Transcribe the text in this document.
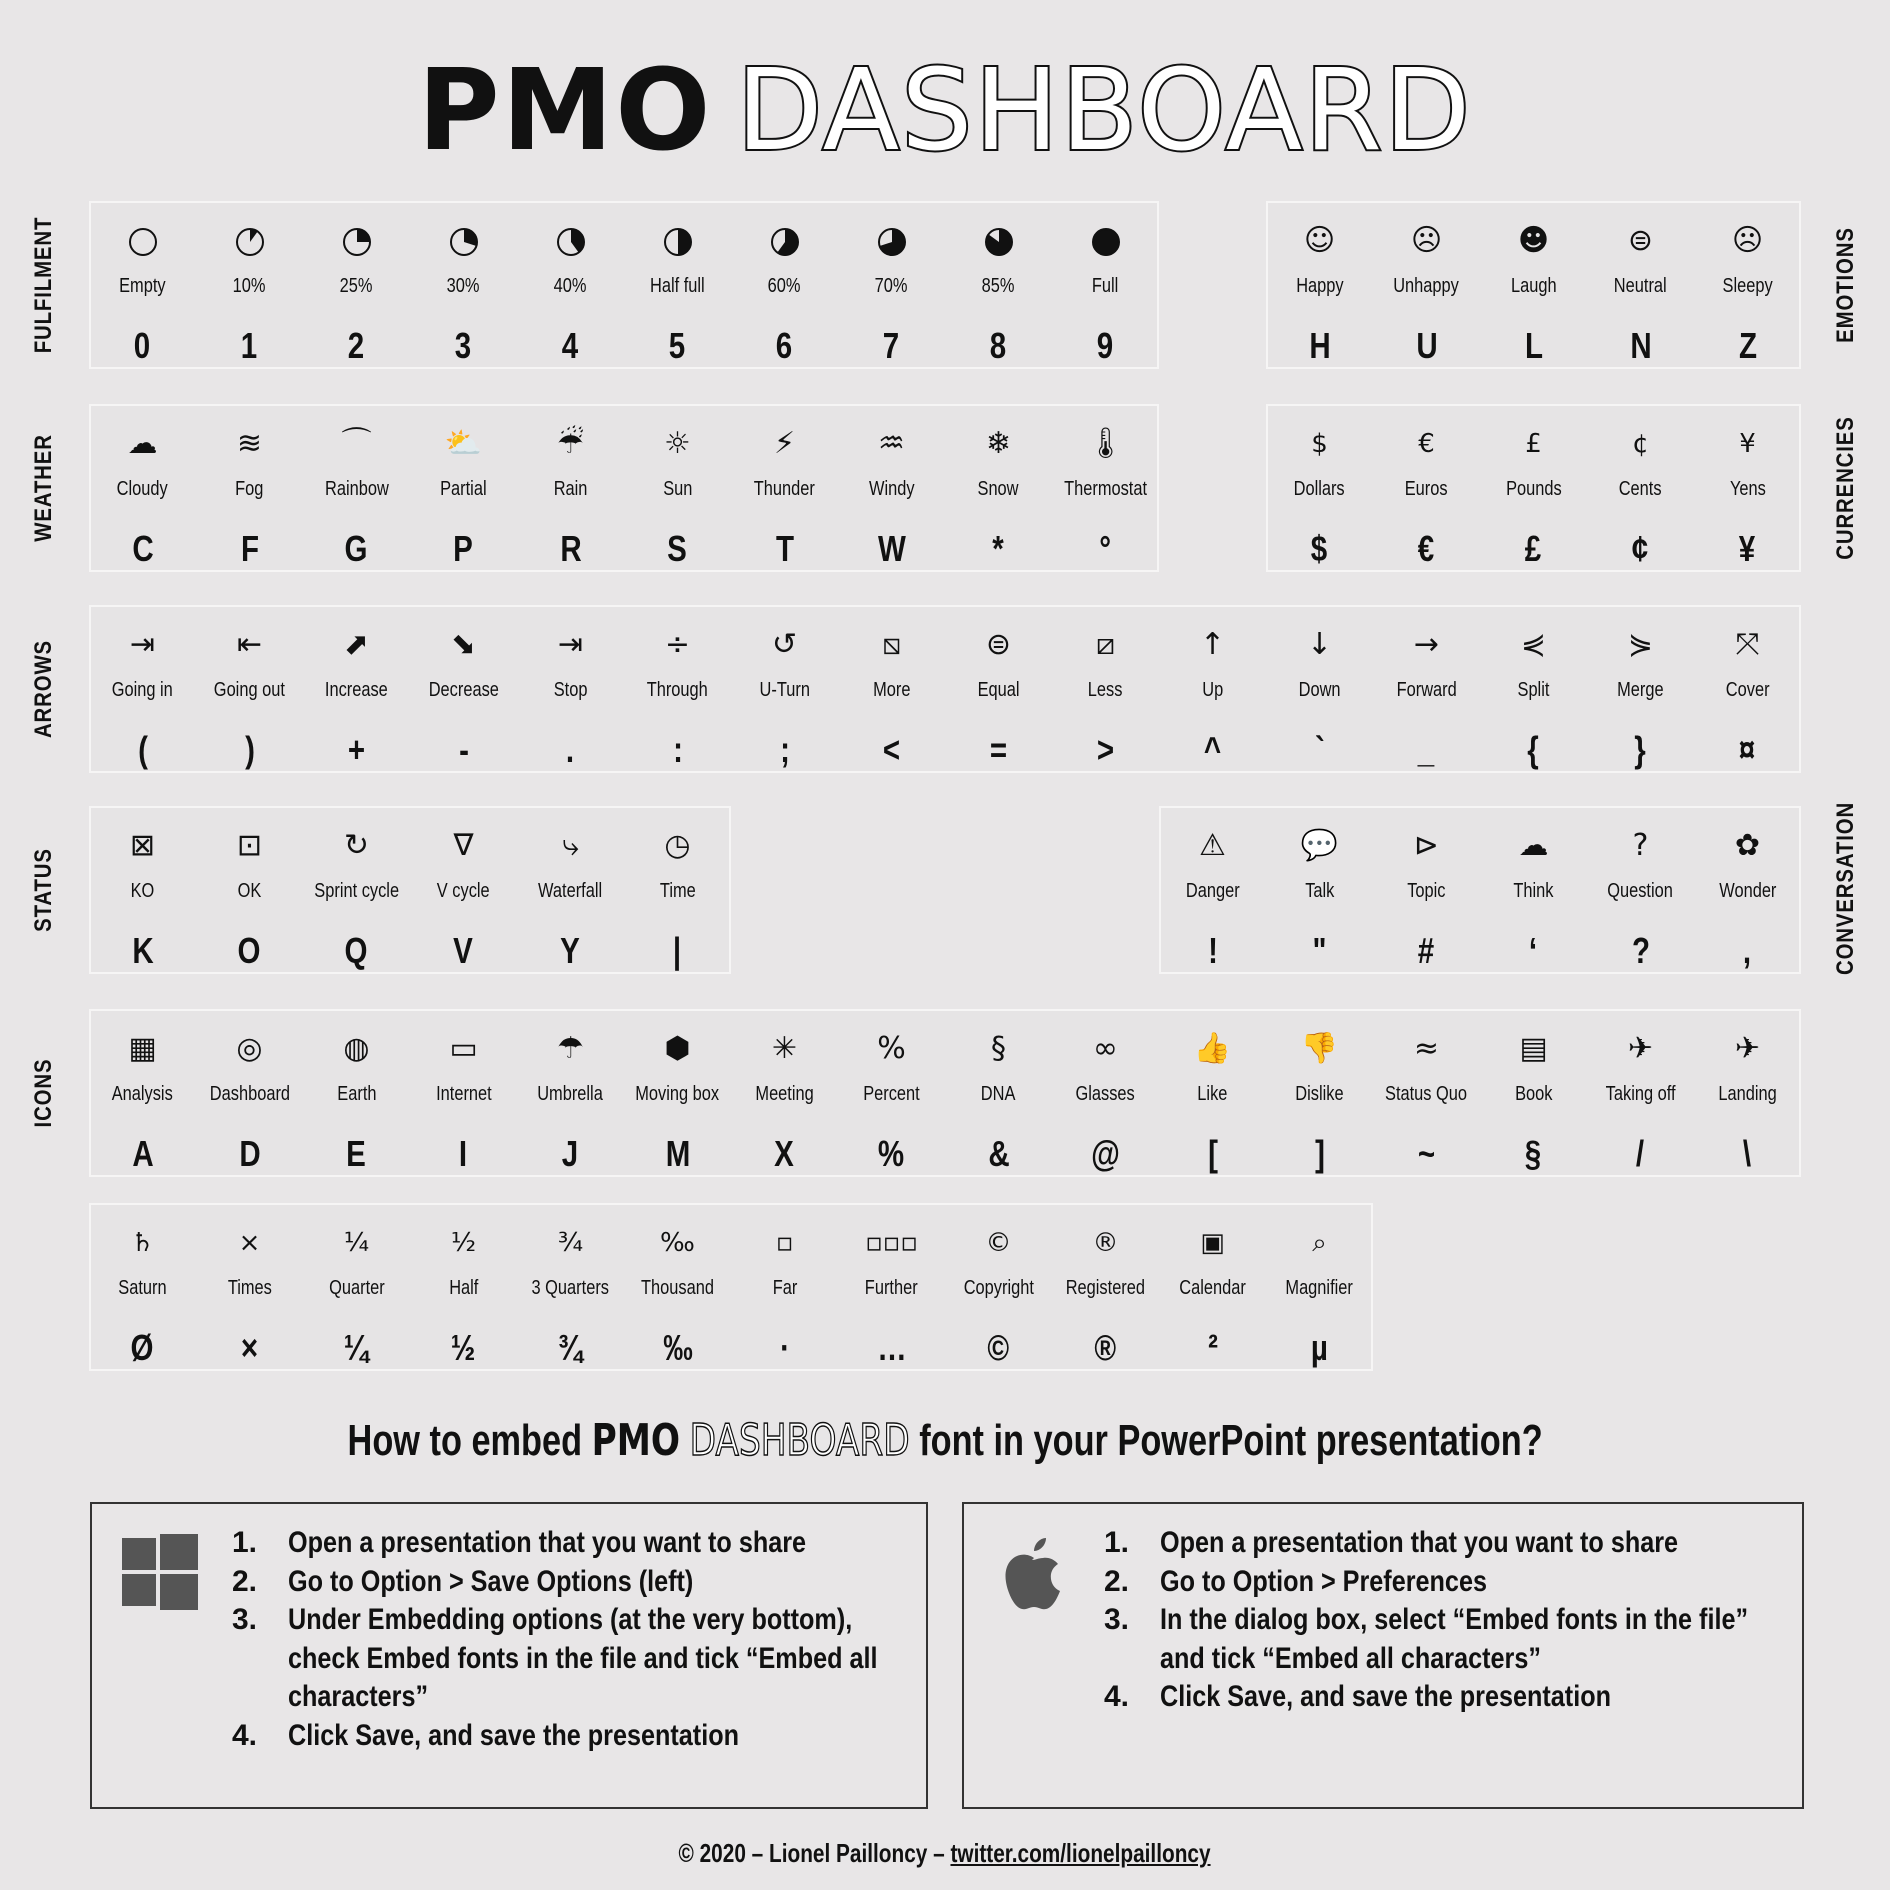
PMO DASHBOARD
Empty
0
10%
1
25%
2
30%
3
40%
4
Half full
5
60%
6
70%
7
85%
8
Full
9
☺
Happy
H
☹
Unhappy
U
☻
Laugh
L
⊜
Neutral
N
☹
Sleepy
Z
☁
Cloudy
C
≋
Fog
F
⌒
Rainbow
G
⛅
Partial
P
☔
Rain
R
☼
Sun
S
⚡
Thunder
T
♒
Windy
W
❄
Snow
*
🌡
Thermostat
°
$
Dollars
$
€
Euros
€
£
Pounds
£
¢
Cents
¢
¥
Yens
¥
⇥
Going in
(
⇤
Going out
)
⬈
Increase
+
⬊
Decrease
-
⇥
Stop
.
÷
Through
:
↺
U-Turn
;
⧅
More
<
⊜
Equal
=
⧄
Less
>
↑
Up
^
↓
Down
`
→
Forward
_
⋞
Split
{
⋟
Merge
}
⤧
Cover
¤
⊠
KO
K
⊡
OK
O
↻
Sprint cycle
Q
∇
V cycle
V
⤷
Waterfall
Y
◷
Time
|
⚠
Danger
!
💬
Talk
"
⊳
Topic
#
☁
Think
‘
?
Question
?
✿
Wonder
,
▦
Analysis
A
◎
Dashboard
D
◍
Earth
E
▭
Internet
I
☂
Umbrella
J
⬢
Moving box
M
✳
Meeting
X
%
Percent
%
§
DNA
&
∞
Glasses
@
👍
Like
[
👎
Dislike
]
≈
Status Quo
~
▤
Book
§
✈
Taking off
/
✈
Landing
\
♄
Saturn
Ø
×
Times
×
¼
Quarter
¼
½
Half
½
¾
3 Quarters
¾
‰
Thousand
‰
▫
Far
·
▫▫▫
Further
…
©
Copyright
©
®
Registered
®
▣
Calendar
²
⌕
Magnifier
µ
FULFILMENT	EMOTIONS
WEATHER	CURRENCIES
ARROWS
STATUS	CONVERSATION
ICONS
How to embed PMO DASHBOARD font in your PowerPoint presentation?
1. Open a presentation that you want to share
2. Go to Option > Save Options (left)
3. Under Embedding options (at the very bottom), check Embed fonts in the file and tick “Embed all characters”
4. Click Save, and save the presentation
1. Open a presentation that you want to share
2. Go to Option > Preferences
3. In the dialog box, select “Embed fonts in the file” and tick “Embed all characters”
4. Click Save, and save the presentation
© 2020 – Lionel Paillоncy – twitter.com/lionelpaillоncy
